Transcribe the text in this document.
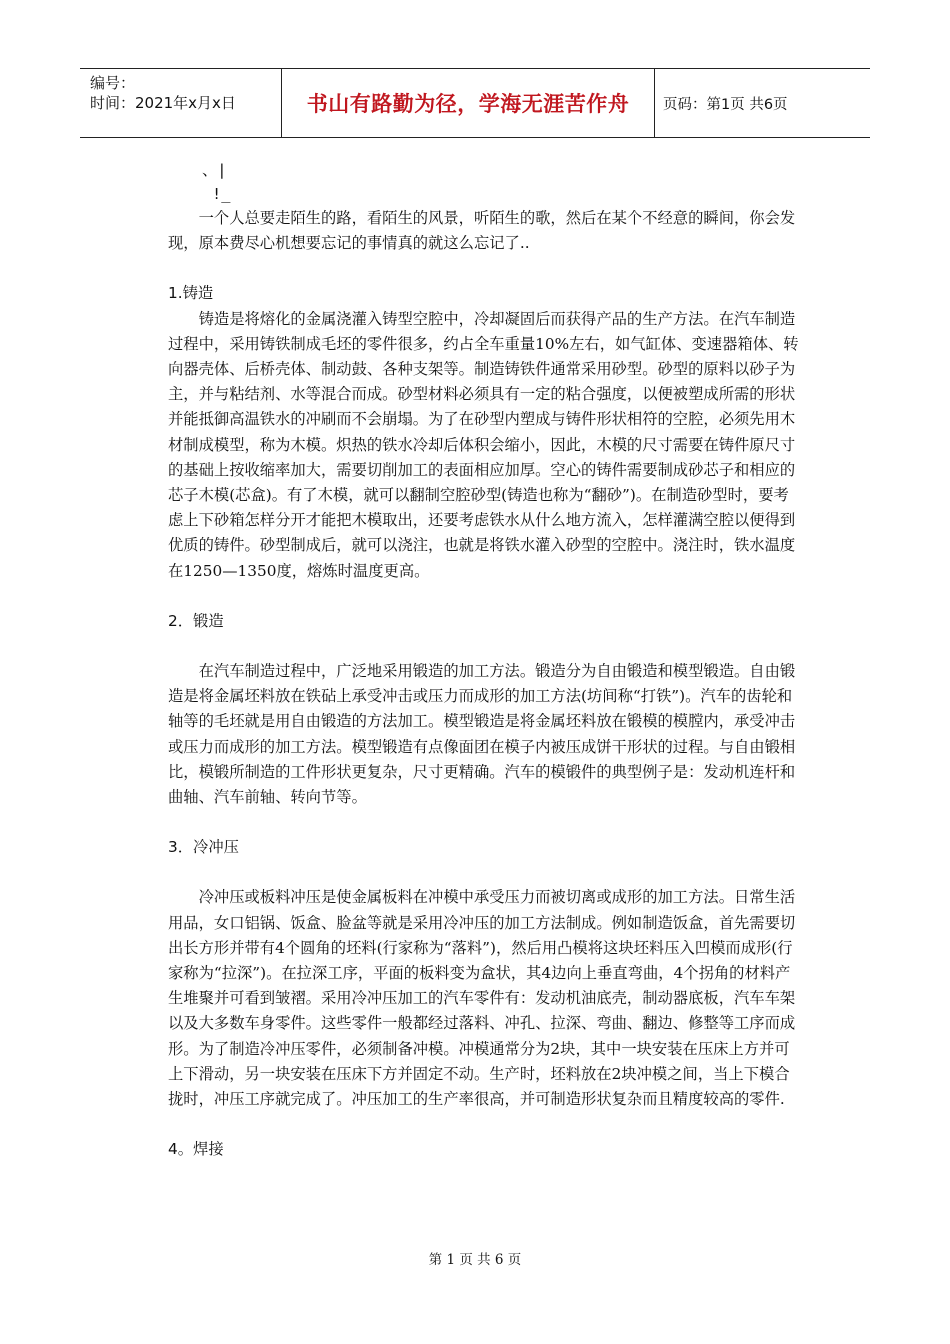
编号：
时间：2021年x月x日	书山有路勤为径，学海无涯苦作舟	页码：第1页 共6页

、|

!_

一个人总要走陌生的路，看陌生的风景，听陌生的歌，然后在某个不经意的瞬间，你会发现，原本费尽心机想要忘记的事情真的就这么忘记了..

1.铸造

铸造是将熔化的金属浇灌入铸型空腔中，冷却凝固后而获得产品的生产方法。在汽车制造过程中，采用铸铁制成毛坯的零件很多，约占全车重量10%左右，如气缸体、变速器箱体、转向器壳体、后桥壳体、制动鼓、各种支架等。制造铸铁件通常采用砂型。砂型的原料以砂子为主，并与粘结剂、水等混合而成。砂型材料必须具有一定的粘合强度，以便被塑成所需的形状并能抵御高温铁水的冲刷而不会崩塌。为了在砂型内塑成与铸件形状相符的空腔，必须先用木材制成模型，称为木模。炽热的铁水冷却后体积会缩小，因此，木模的尺寸需要在铸件原尺寸的基础上按收缩率加大，需要切削加工的表面相应加厚。空心的铸件需要制成砂芯子和相应的芯子木模(芯盒)。有了木模，就可以翻制空腔砂型(铸造也称为“翻砂”)。在制造砂型时，要考虑上下砂箱怎样分开才能把木模取出，还要考虑铁水从什么地方流入，怎样灌满空腔以便得到优质的铸件。砂型制成后，就可以浇注，也就是将铁水灌入砂型的空腔中。浇注时，铁水温度在1250—1350度，熔炼时温度更高。

2．锻造

在汽车制造过程中，广泛地采用锻造的加工方法。锻造分为自由锻造和模型锻造。自由锻造是将金属坯料放在铁砧上承受冲击或压力而成形的加工方法(坊间称“打铁”)。汽车的齿轮和轴等的毛坯就是用自由锻造的方法加工。模型锻造是将金属坯料放在锻模的模膛内，承受冲击或压力而成形的加工方法。模型锻造有点像面团在模子内被压成饼干形状的过程。与自由锻相比，模锻所制造的工件形状更复杂，尺寸更精确。汽车的模锻件的典型例子是：发动机连杆和曲轴、汽车前轴、转向节等。

3．冷冲压

冷冲压或板料冲压是使金属板料在冲模中承受压力而被切离或成形的加工方法。日常生活用品，女口铝锅、饭盒、脸盆等就是采用冷冲压的加工方法制成。例如制造饭盒，首先需要切出长方形并带有4个圆角的坯料(行家称为“落料”)，然后用凸模将这块坯料压入凹模而成形(行家称为“拉深”)。在拉深工序，平面的板料变为盒状，其4边向上垂直弯曲，4个拐角的材料产生堆聚并可看到皱褶。采用冷冲压加工的汽车零件有：发动机油底壳，制动器底板，汽车车架以及大多数车身零件。这些零件一般都经过落料、冲孔、拉深、弯曲、翻边、修整等工序而成形。为了制造冷冲压零件，必须制备冲模。冲模通常分为2块，其中一块安装在压床上方并可上下滑动，另一块安装在压床下方并固定不动。生产时，坯料放在2块冲模之间，当上下模合拢时，冲压工序就完成了。冲压加工的生产率很高，并可制造形状复杂而且精度较高的零件.

4。焊接

第 1 页 共 6 页
